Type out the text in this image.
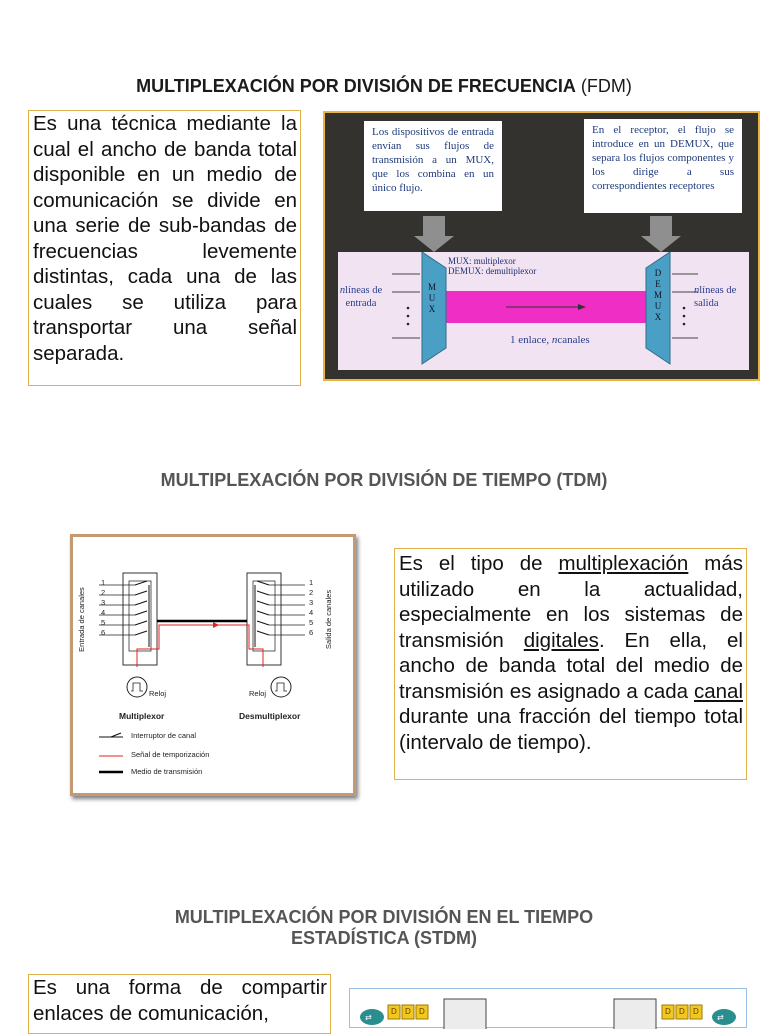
MULTIPLEXACIÓN POR DIVISIÓN DE FRECUENCIA (FDM)
Es una técnica mediante la cual el ancho de banda total disponible en un medio de comunicación se divide en una serie de sub-bandas de frecuencias levemente distintas, cada una de las cuales se utiliza para transportar una señal separada.
Los dispositivos de entrada envían sus flujos de transmisión a un MUX, que los combina en un único flujo.
En el receptor, el flujo se introduce en un DEMUX, que separa los flujos componentes y los dirige a sus correspondientes receptores
MUX: multiplexor
DEMUX: demultiplexor
nlíneas de
entrada
M U X
D E M U X
nlíneas de
salida
1 enlace, ncanales
MULTIPLEXACIÓN POR DIVISIÓN DE TIEMPO (TDM)
Entrada de canales	Salida de canales
1
2
3
4
5
6
1
2
3
4
5
6
Reloj	Reloj
Multiplexor	Desmultiplexor
Interruptor de canal
Señal de temporización
Medio de transmisión
Es el tipo de multiplexación más utilizado en la actualidad, especialmente en los sistemas de transmisión digitales. En ella, el ancho de banda total del medio de transmisión es asignado a cada canal durante una fracción del tiempo total (intervalo de tiempo).
MULTIPLEXACIÓN POR DIVISIÓN EN EL TIEMPO
ESTADÍSTICA (STDM)
Es una forma de compartir enlaces de comunicación,	⇄	⇄
D D D	D D D
